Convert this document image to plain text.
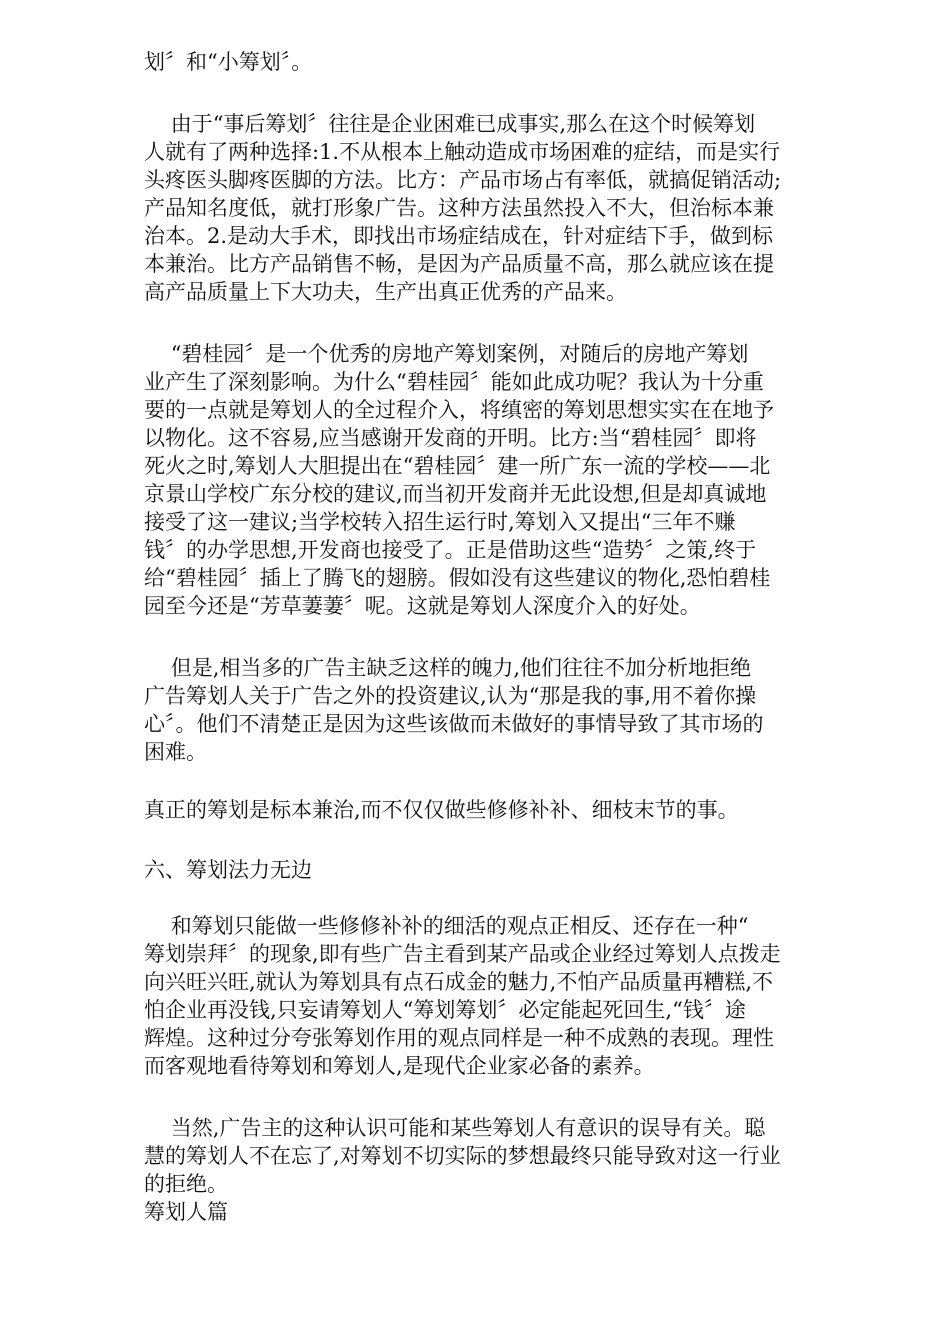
划〞和“小筹划〞。

由于“事后筹划〞往往是企业困难已成事实,那么在这个时候筹划
人就有了两种选择:1.不从根本上触动造成市场困难的症结，而是实行
头疼医头脚疼医脚的方法。比方：产品市场占有率低，就搞促销活动;
产品知名度低，就打形象广告。这种方法虽然投入不大，但治标本兼
治本。2.是动大手术，即找出市场症结成在，针对症结下手，做到标
本兼治。比方产品销售不畅，是因为产品质量不高，那么就应该在提
高产品质量上下大功夫，生产出真正优秀的产品来。

“碧桂园〞是一个优秀的房地产筹划案例，对随后的房地产筹划
业产生了深刻影响。为什么“碧桂园〞能如此成功呢？我认为十分重
要的一点就是筹划人的全过程介入，将缜密的筹划思想实实在在地予
以物化。这不容易,应当感谢开发商的开明。比方:当“碧桂园〞即将
死火之时,筹划人大胆提出在“碧桂园〞建一所广东一流的学校——北
京景山学校广东分校的建议,而当初开发商并无此设想,但是却真诚地
接受了这一建议;当学校转入招生运行时,筹划入又提出“三年不赚
钱〞的办学思想,开发商也接受了。正是借助这些“造势〞之策,终于
给“碧桂园〞插上了腾飞的翅膀。假如没有这些建议的物化,恐怕碧桂
园至今还是“芳草萋萋〞呢。这就是筹划人深度介入的好处。

但是,相当多的广告主缺乏这样的魄力,他们往往不加分析地拒绝
广告筹划人关于广告之外的投资建议,认为“那是我的事,用不着你操
心〞。他们不清楚正是因为这些该做而未做好的事情导致了其市场的
困难。

真正的筹划是标本兼治,而不仅仅做些修修补补、细枝末节的事。

六、筹划法力无边

和筹划只能做一些修修补补的细活的观点正相反、还存在一种“
筹划崇拜〞的现象,即有些广告主看到某产品或企业经过筹划人点拨走
向兴旺兴旺,就认为筹划具有点石成金的魅力,不怕产品质量再糟糕,不
怕企业再没钱,只妄请筹划人“筹划筹划〞必定能起死回生,“钱〞途
辉煌。这种过分夸张筹划作用的观点同样是一种不成熟的表现。理性
而客观地看待筹划和筹划人,是现代企业家必备的素养。

当然,广告主的这种认识可能和某些筹划人有意识的误导有关。聪
慧的筹划人不在忘了,对筹划不切实际的梦想最终只能导致对这一行业
的拒绝。
筹划人篇
